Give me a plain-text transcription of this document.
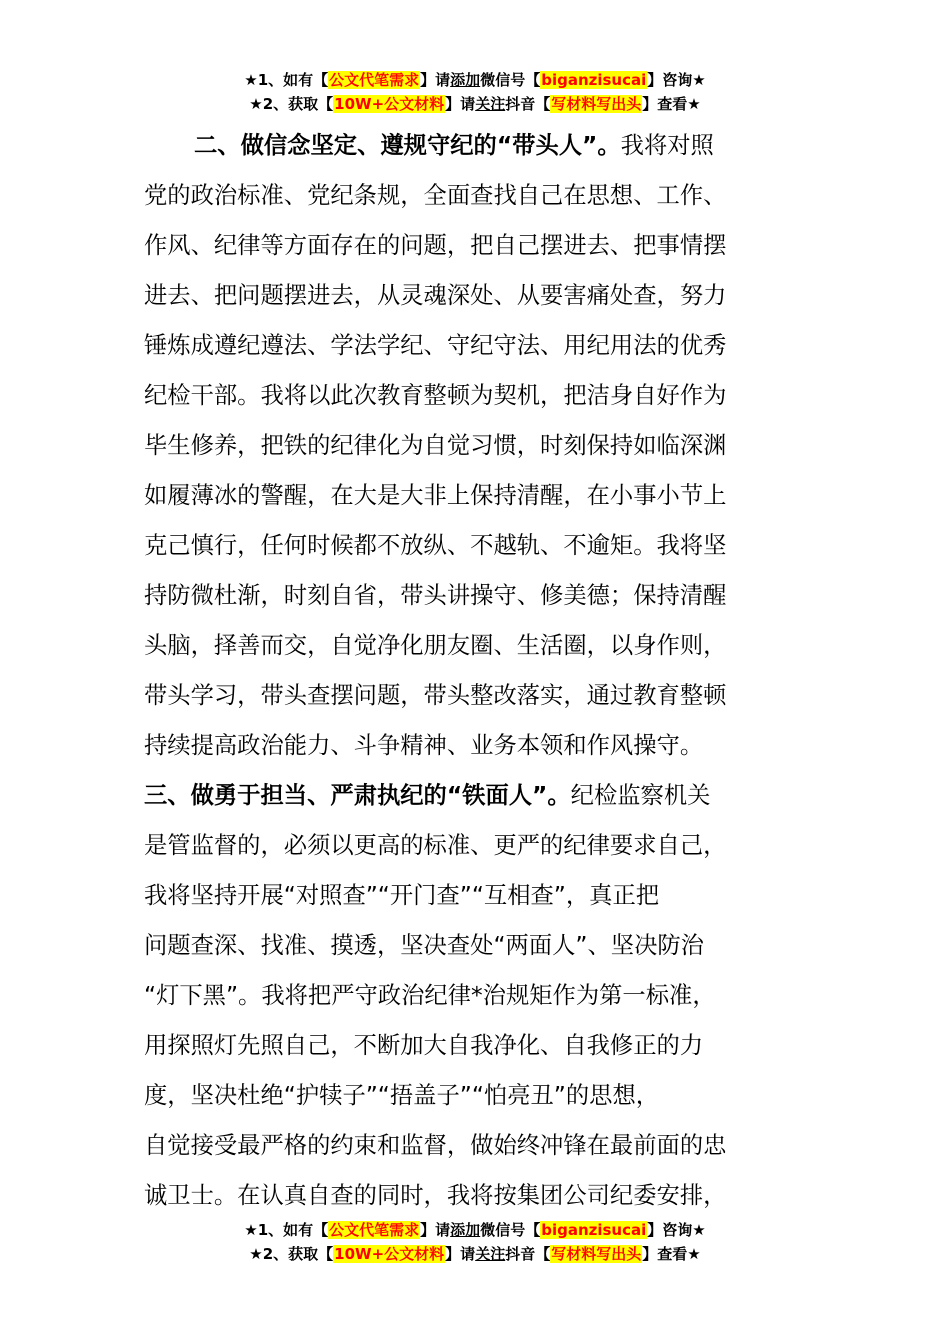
★1、如有【公文代笔需求】请添加微信号【biganzisucai】咨询★
★2、获取【10W+公文材料】请关注抖音【写材料写出头】查看★
二、做信念坚定、遵规守纪的“带头人”。我将对照
党的政治标准、党纪条规，全面查找自己在思想、工作、
作风、纪律等方面存在的问题，把自己摆进去、把事情摆
进去、把问题摆进去，从灵魂深处、从要害痛处查，努力
锤炼成遵纪遵法、学法学纪、守纪守法、用纪用法的优秀
纪检干部。我将以此次教育整顿为契机，把洁身自好作为
毕生修养，把铁的纪律化为自觉习惯，时刻保持如临深渊
如履薄冰的警醒，在大是大非上保持清醒，在小事小节上
克己慎行，任何时候都不放纵、不越轨、不逾矩。我将坚
持防微杜渐，时刻自省，带头讲操守、修美德；保持清醒
头脑，择善而交，自觉净化朋友圈、生活圈，以身作则，
带头学习，带头查摆问题，带头整改落实，通过教育整顿
持续提高政治能力、斗争精神、业务本领和作风操守。
三、做勇于担当、严肃执纪的“铁面人”。纪检监察机关
是管监督的，必须以更高的标准、更严的纪律要求自己，
我将坚持开展“对照查”“开门查”“互相查”，真正把
问题查深、找准、摸透，坚决查处“两面人”、坚决防治
“灯下黑”。我将把严守政治纪律*治规矩作为第一标准，
用探照灯先照自己，不断加大自我净化、自我修正的力
度，坚决杜绝“护犊子”“捂盖子”“怕亮丑”的思想，
自觉接受最严格的约束和监督，做始终冲锋在最前面的忠
诚卫士。在认真自查的同时，我将按集团公司纪委安排，
★1、如有【公文代笔需求】请添加微信号【biganzisucai】咨询★
★2、获取【10W+公文材料】请关注抖音【写材料写出头】查看★
